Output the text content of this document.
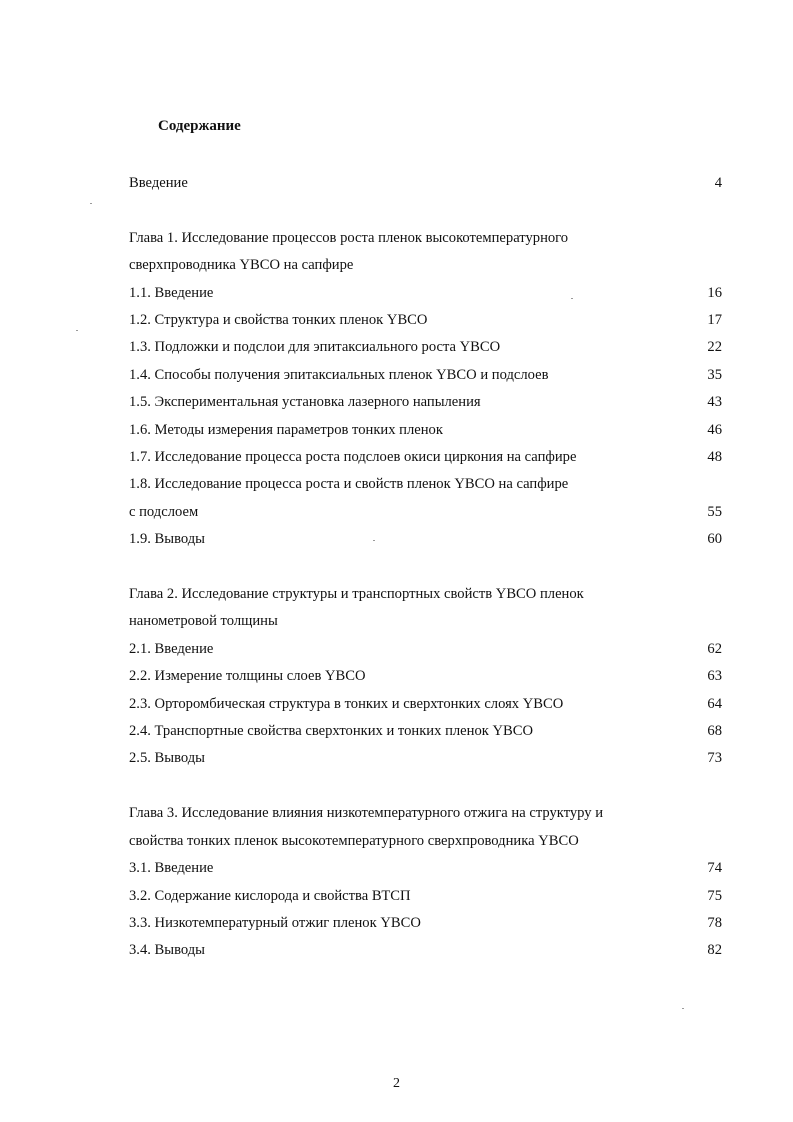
Содержание
Введение	4
Глава 1. Исследование процессов роста пленок высокотемпературного
сверхпроводника YBCO на сапфире
1.1. Введение	16
1.2. Структура и свойства тонких пленок YBCO	17
1.3. Подложки и подслои для эпитаксиального роста YBCO	22
1.4. Способы получения эпитаксиальных пленок YBCO и подслоев	35
1.5. Экспериментальная установка лазерного напыления	43
1.6. Методы измерения параметров тонких пленок	46
1.7. Исследование процесса роста подслоев окиси циркония на сапфире	48
1.8. Исследование процесса роста и свойств пленок YBCO на сапфире
с подслоем	55
1.9. Выводы	60
Глава 2. Исследование структуры и транспортных свойств YBCO пленок
нанометровой толщины
2.1. Введение	62
2.2. Измерение толщины слоев YBCO	63
2.3. Орторомбическая структура в тонких и сверхтонких слоях YBCO	64
2.4. Транспортные свойства сверхтонких и тонких пленок YBCO	68
2.5. Выводы	73
Глава 3. Исследование влияния низкотемпературного отжига на структуру и
свойства тонких пленок высокотемпературного сверхпроводника YBCO
3.1. Введение	74
3.2. Содержание кислорода и свойства ВТСП	75
3.3. Низкотемпературный отжиг пленок YBCO	78
3.4. Выводы	82
2
